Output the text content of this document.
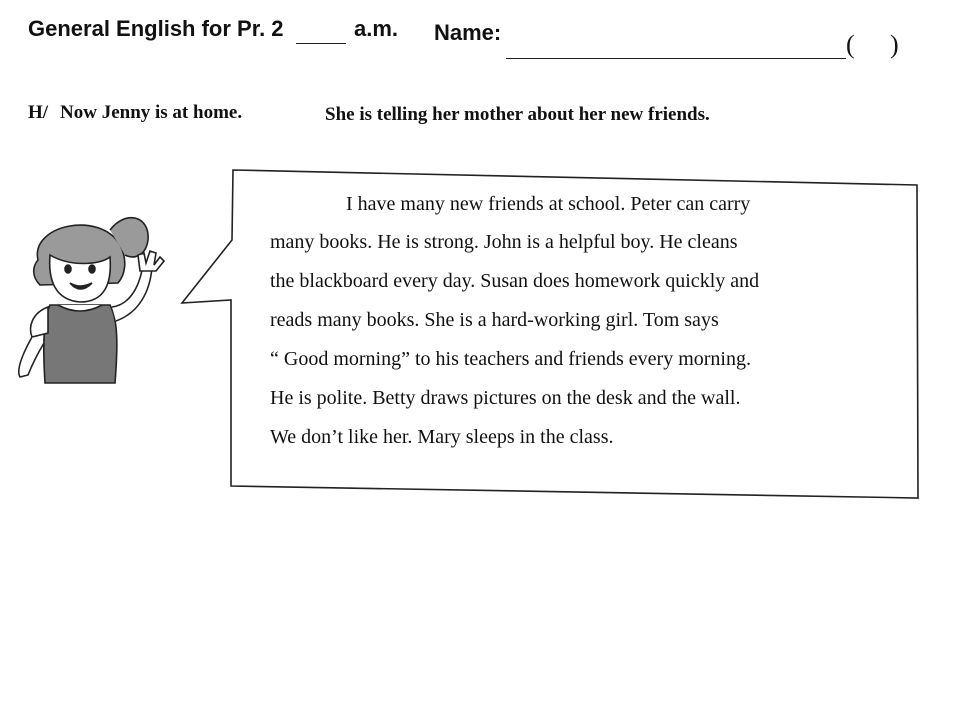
General English for Pr. 2	a.m. Name:	( )
H/ Now Jenny is at home.	She is telling her mother about her new friends.
I have many new friends at school. Peter can carry
many books. He is strong. John is a helpful boy. He cleans
the blackboard every day. Susan does homework quickly and
reads many books. She is a hard-working girl. Tom says
“ Good morning” to his teachers and friends every morning.
He is polite. Betty draws pictures on the desk and the wall.
We don’t like her. Mary sleeps in the class.
